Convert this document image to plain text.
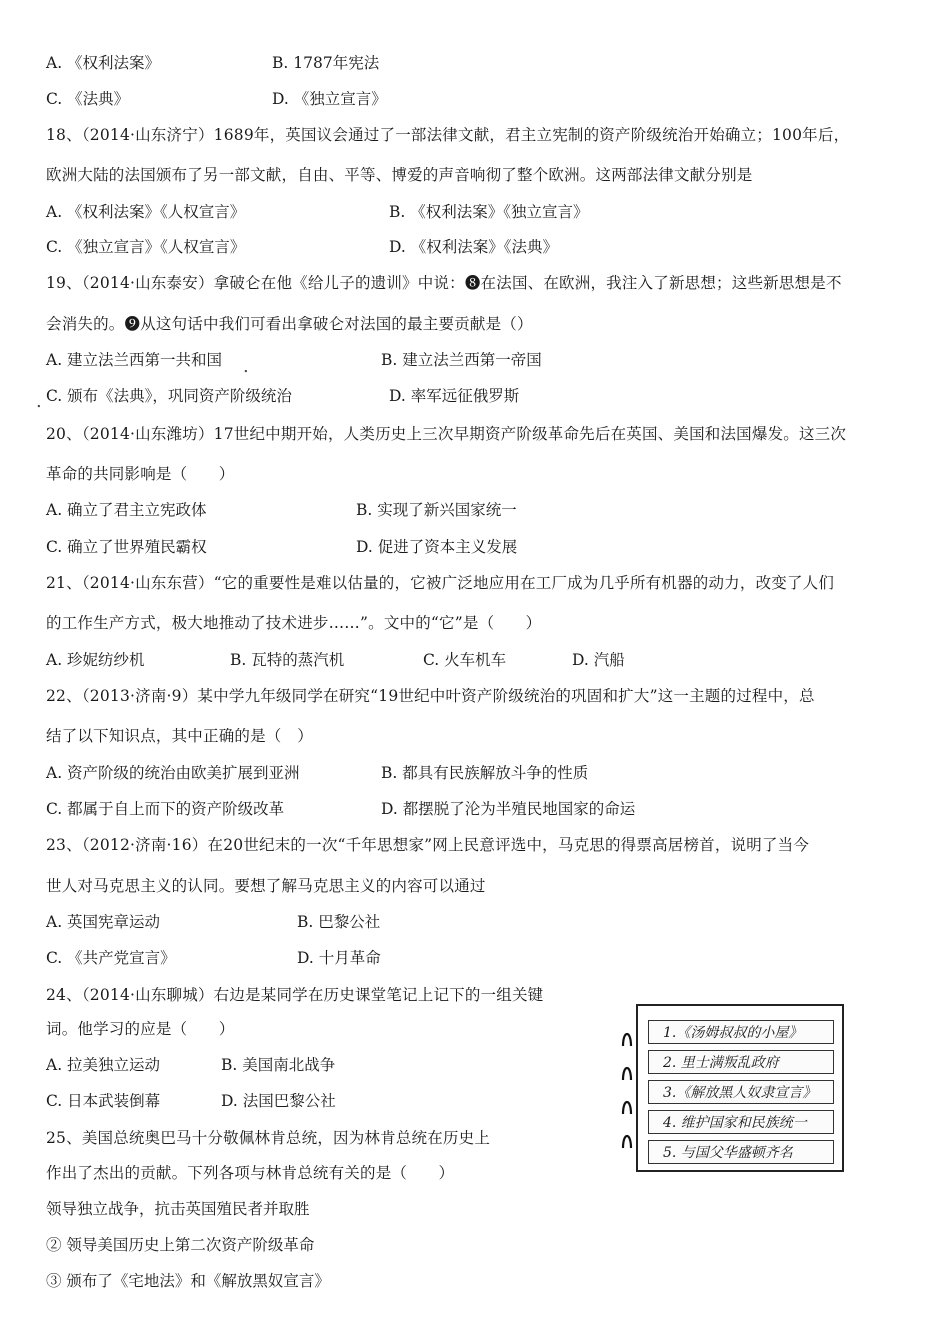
A. 《权利法案》	B. 1787年宪法
C. 《法典》	D. 《独立宣言》
18、（2014·山东济宁）1689年，英国议会通过了一部法律文献，君主立宪制的资产阶级统治开始确立；100年后，
欧洲大陆的法国颁布了另一部文献，自由、平等、博爱的声音响彻了整个欧洲。这两部法律文献分别是
A. 《权利法案》《人权宣言》	B. 《权利法案》《独立宣言》
C. 《独立宣言》《人权宣言》	D. 《权利法案》《法典》
19、（2014·山东泰安）拿破仑在他《给儿子的遗训》中说：❽在法国、在欧洲，我注入了新思想；这些新思想是不
会消失的。❾从这句话中我们可看出拿破仑对法国的最主要贡献是（）
A. 建立法兰西第一共和国	B. 建立法兰西第一帝国
C. 颁布《法典》，巩同资产阶级统治	D. 率军远征俄罗斯
.
.
20、（2014·山东潍坊）17世纪中期开始，人类历史上三次早期资产阶级革命先后在英国、美国和法国爆发。这三次
革命的共同影响是（　　）
A. 确立了君主立宪政体	B. 实现了新兴国家统一
C. 确立了世界殖民霸权	D. 促进了资本主义发展
21、（2014·山东东营）“它的重要性是难以估量的，它被广泛地应用在工厂成为几乎所有机器的动力，改变了人们
的工作生产方式，极大地推动了技术进步……”。文中的“它”是（　　）
A. 珍妮纺纱机	B. 瓦特的蒸汽机	C. 火车机车	D. 汽船
22、（2013·济南·9）某中学九年级同学在研究“19世纪中叶资产阶级统治的巩固和扩大”这一主题的过程中，总
结了以下知识点，其中正确的是（　）
A. 资产阶级的统治由欧美扩展到亚洲	B. 都具有民族解放斗争的性质
C. 都属于自上而下的资产阶级改革	D. 都摆脱了沦为半殖民地国家的命运
23、（2012·济南·16）在20世纪末的一次“千年思想家”网上民意评选中，马克思的得票高居榜首，说明了当今
世人对马克思主义的认同。要想了解马克思主义的内容可以通过
A. 英国宪章运动	B. 巴黎公社
C. 《共产党宣言》	D. 十月革命
24、（2014·山东聊城）右边是某同学在历史课堂笔记上记下的一组关键
词。他学习的应是（　　）
A. 拉美独立运动	B. 美国南北战争
C. 日本武装倒幕	D. 法国巴黎公社
1.《汤姆叔叔的小屋》
2. 里士满叛乱政府
3.《解放黑人奴隶宣言》
4. 维护国家和民族统一
5. 与国父华盛顿齐名
25、美国总统奥巴马十分敬佩林肯总统，因为林肯总统在历史上
作出了杰出的贡献。下列各项与林肯总统有关的是（　　）
领导独立战争，抗击英国殖民者并取胜
② 领导美国历史上第二次资产阶级革命
③ 颁布了《宅地法》和《解放黑奴宣言》
